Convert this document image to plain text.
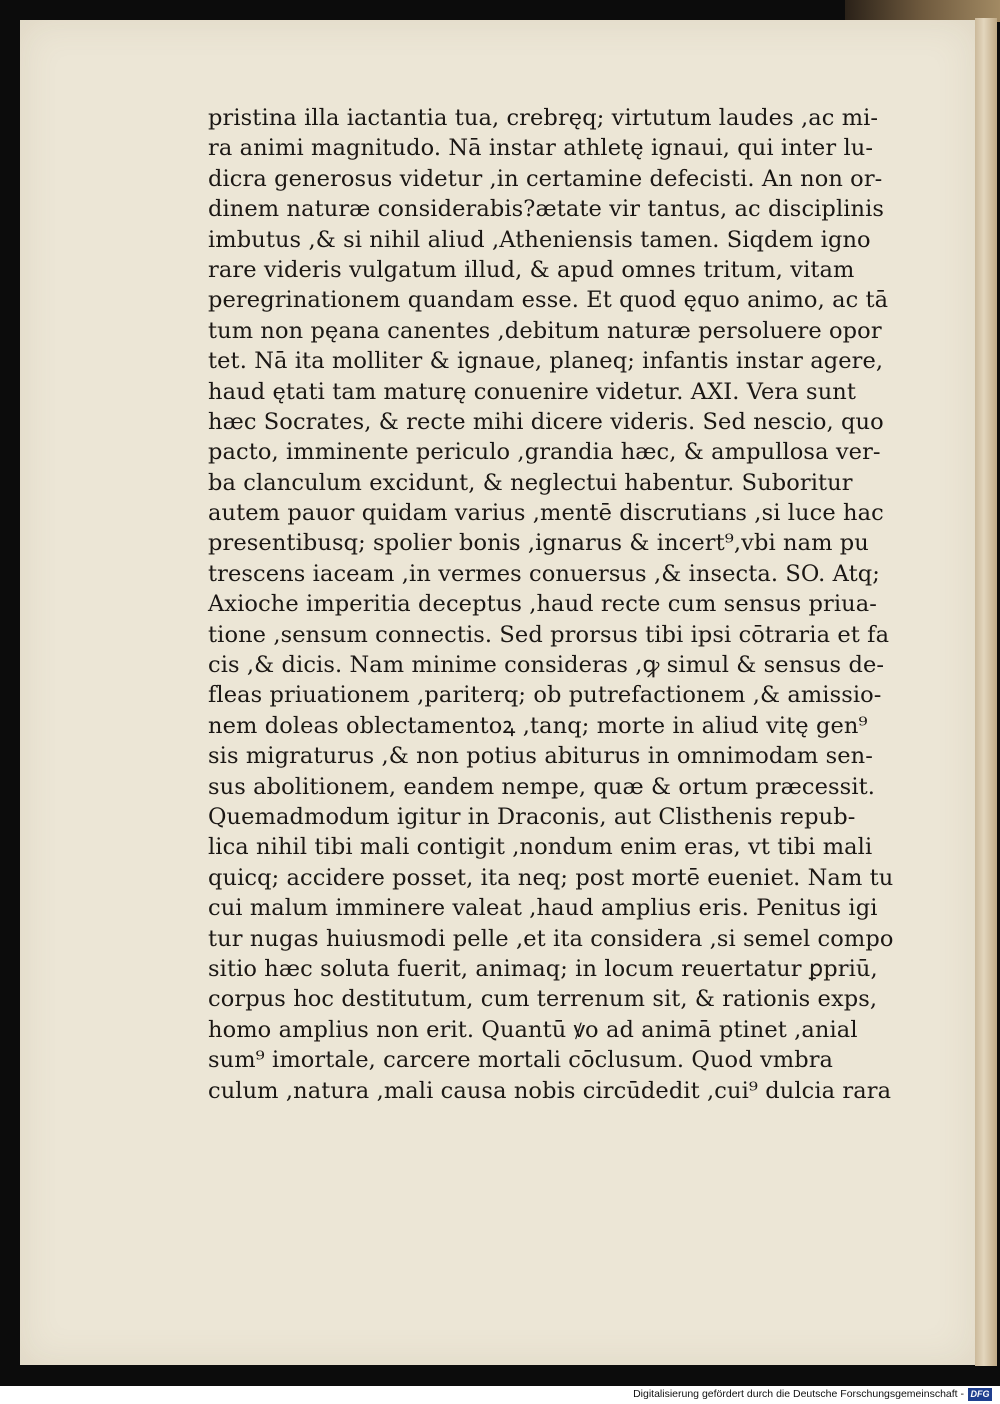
pristina illa iactantia tua, crebręq; virtutum laudes ,ac mi-
ra animi magnitudo. Nā instar athletę ignaui, qui inter lu-
dicra generosus videtur ,in certamine defecisti. An non or-
dinem naturæ considerabis?ætate vir tantus, ac disciplinis
imbutus ,& si nihil aliud ,Atheniensis tamen. Siqdem igno
rare videris vulgatum illud, & apud omnes tritum, vitam
peregrinationem quandam esse. Et quod ęquo animo, ac tā
tum non pęana canentes ,debitum naturæ persoluere opor
tet. Nā ita molliter & ignaue, planeq; infantis instar agere,
haud ętati tam maturę conuenire videtur. AXI. Vera sunt
hæc Socrates, & recte mihi dicere videris. Sed nescio, quo
pacto, imminente periculo ,grandia hæc, & ampullosa ver-
ba clanculum excidunt, & neglectui habentur. Suboritur
autem pauor quidam varius ,mentē discrutians ,si luce hac
presentibusq; spolier bonis ,ignarus & incert⁹,vbi nam pu
trescens iaceam ,in vermes conuersus ,& insecta. SO. Atq;
Axioche imperitia deceptus ,haud recte cum sensus priua-
tione ,sensum connectis. Sed prorsus tibi ipsi cōtraria et fa
cis ,& dicis. Nam minime consideras ,ꝙ simul & sensus de-
fleas priuationem ,pariterq; ob putrefactionem ,& amissio-
nem doleas oblectamentoꝝ ,tanq; morte in aliud vitę gen⁹
sis migraturus ,& non potius abiturus in omnimodam sen-
sus abolitionem, eandem nempe, quæ & ortum præcessit.
Quemadmodum igitur in Draconis, aut Clisthenis repub-
lica nihil tibi mali contigit ,nondum enim eras, vt tibi mali
quicq; accidere posset, ita neq; post mortē eueniet. Nam tu
cui malum imminere valeat ,haud amplius eris. Penitus igi
tur nugas huiusmodi pelle ,et ita considera ,si semel compo
sitio hæc soluta fuerit, animaq; in locum reuertatur ꝑpriū,
corpus hoc destitutum, cum terrenum sit, & rationis exps,
homo amplius non erit. Quantū ꝟo ad animā ptinet ,anial
sum⁹ imortale, carcere mortali cōclusum. Quod vmbra
culum ,natura ,mali causa nobis circūdedit ,cui⁹ dulcia rara
Digitalisierung gefördert durch die Deutsche Forschungsgemeinschaft - DFG
